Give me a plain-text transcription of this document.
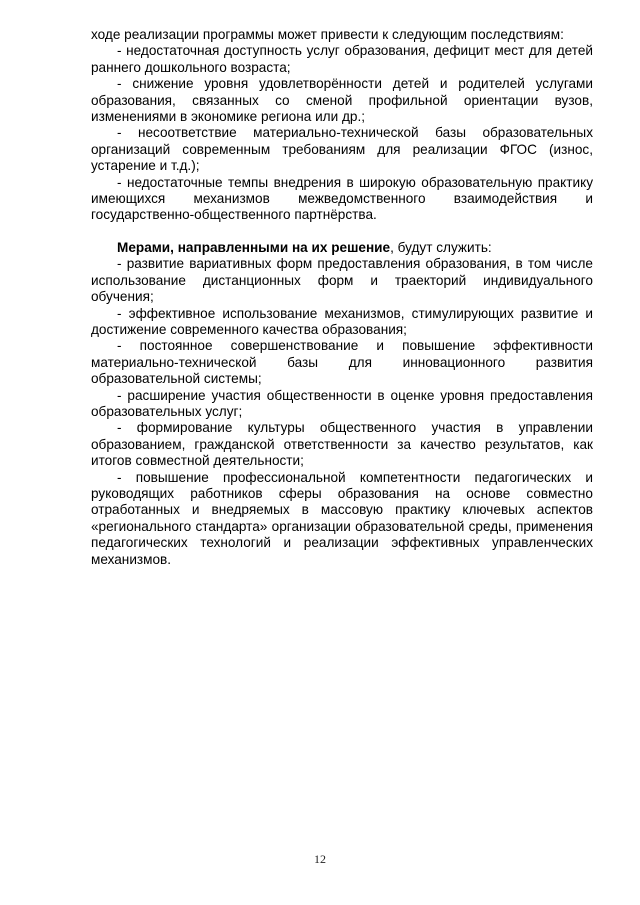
ходе реализации программы может привести к следующим последствиям:

- недостаточная доступность услуг образования, дефицит мест для детей раннего дошкольного возраста;

- снижение уровня удовлетворённости детей и родителей услугами образования, связанных со сменой профильной ориентации вузов, изменениями в экономике региона или др.;

- несоответствие материально-технической базы образовательных организаций современным требованиям для реализации ФГОС (износ, устарение и т.д.);

- недостаточные темпы внедрения в широкую образовательную практику имеющихся механизмов межведомственного взаимодействия и государственно-общественного партнёрства.

Мерами, направленными на их решение, будут служить:

- развитие вариативных форм предоставления образования, в том числе использование дистанционных форм и траекторий индивидуального обучения;

- эффективное использование механизмов, стимулирующих развитие и достижение современного качества образования;

- постоянное совершенствование и повышение эффективности материально-технической базы для инновационного развития образовательной системы;

- расширение участия общественности в оценке уровня предоставления образовательных услуг;

- формирование культуры общественного участия в управлении образованием, гражданской ответственности за качество результатов, как итогов совместной деятельности;

- повышение профессиональной компетентности педагогических и руководящих работников сферы образования на основе совместно отработанных и внедряемых в массовую практику ключевых аспектов «регионального стандарта» организации образовательной среды, применения педагогических технологий и реализации эффективных управленческих механизмов.

12
